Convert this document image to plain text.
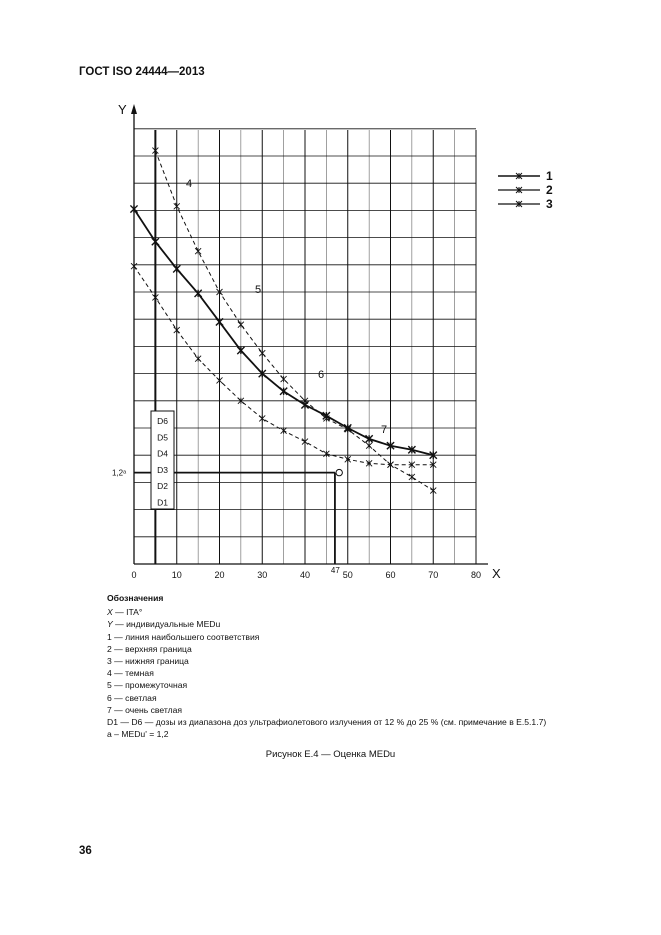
ГОСТ ISO 24444—2013
Y
X
0	10	20	30	40	50	60	70	80
1,2ᵃ
47
D6
D5
D4
D3
D2
D1
4
5
6
7
1
2
3
Обозначения
X — ITA°
Y — индивидуальные MEDu
1 — линия наибольшего соответствия
2 — верхняя граница
3 — нижняя граница
4 — темная
5 — промежуточная
6 — светлая
7 — очень светлая
D1 — D6 — дозы из диапазона доз ультрафиолетового излучения от 12 % до 25 % (см. примечание в Е.5.1.7)
a – MEDu' = 1,2
Рисунок Е.4 — Оценка MEDu
36
